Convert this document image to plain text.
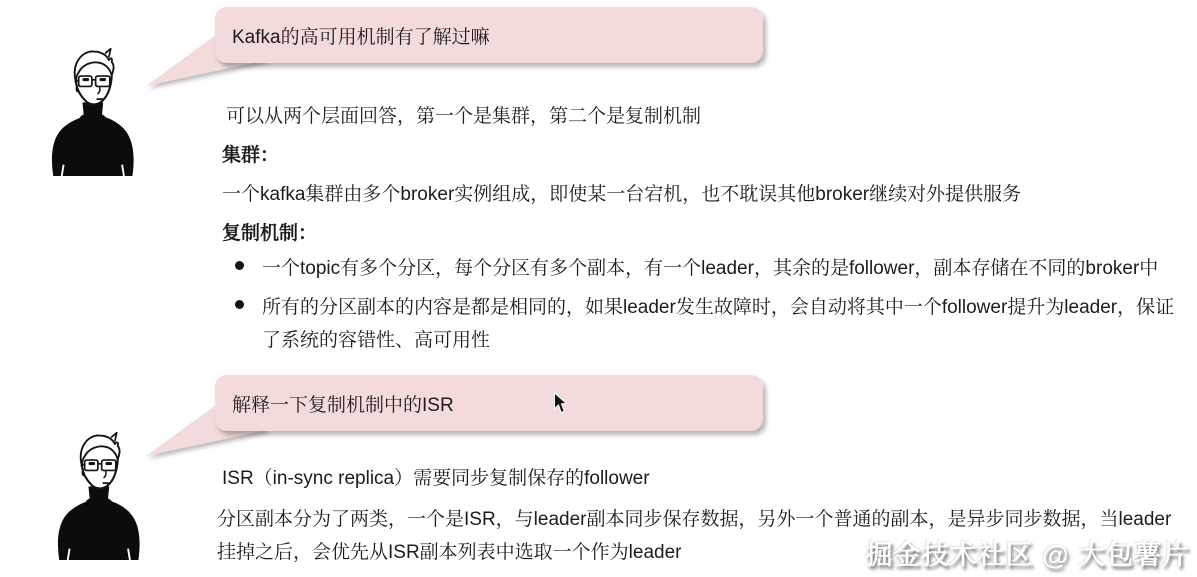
Kafka的高可用机制有了解过嘛
可以从两个层面回答，第一个是集群，第二个是复制机制
集群：
一个kafka集群由多个broker实例组成，即使某一台宕机，也不耽误其他broker继续对外提供服务
复制机制：
一个topic有多个分区，每个分区有多个副本，有一个leader，其余的是follower，副本存储在不同的broker中
所有的分区副本的内容是都是相同的，如果leader发生故障时，会自动将其中一个follower提升为leader，保证了系统的容错性、高可用性
解释一下复制机制中的ISR
ISR（in-sync replica）需要同步复制保存的follower
分区副本分为了两类，一个是ISR，与leader副本同步保存数据，另外一个普通的副本，是异步同步数据，当leader挂掉之后，会优先从ISR副本列表中选取一个作为leader	掘金技术社区 @ 大包薯片
